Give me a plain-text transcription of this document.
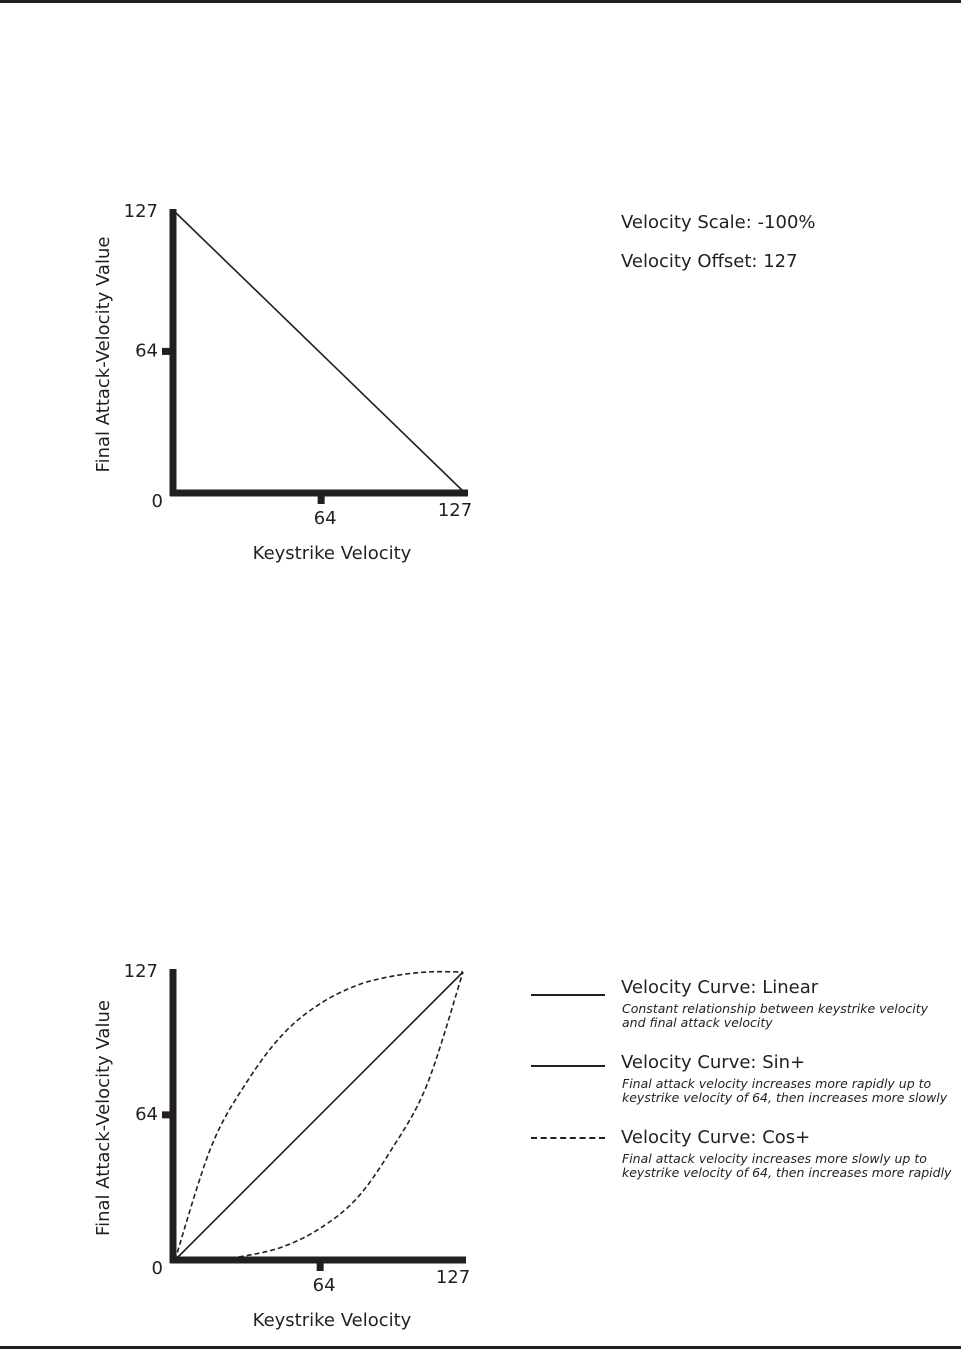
127
64
64	127
0
Keystrike Velocity
Final Attack-Velocity Value
Velocity Scale: -100%
Velocity Offset: 127
127
64
64	127
0
Keystrike Velocity
Final Attack-Velocity Value
Velocity Curve: Linear
Constant relationship between keystrike velocity
and final attack velocity
Velocity Curve: Sin+
Final attack velocity increases more rapidly up to
keystrike velocity of 64, then increases more slowly
Velocity Curve: Cos+
Final attack velocity increases more slowly up to
keystrike velocity of 64, then increases more rapidly
